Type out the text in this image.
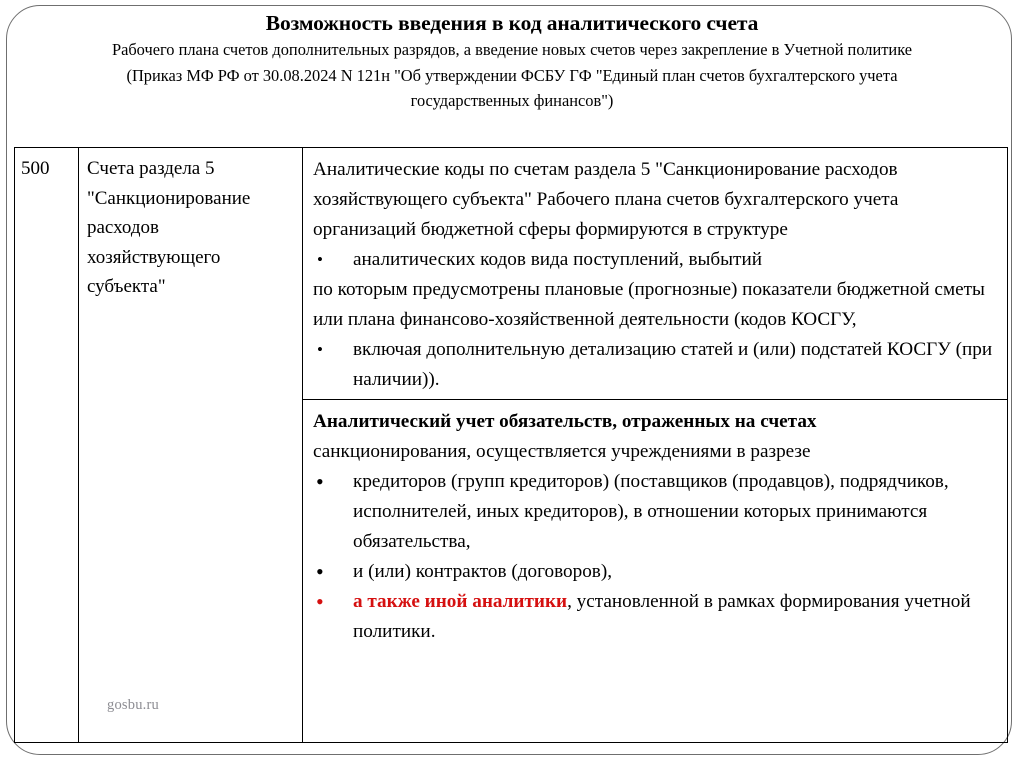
Возможность введения в код аналитического счета
Рабочего плана счетов дополнительных разрядов, а введение новых счетов через закрепление в Учетной политике
(Приказ МФ РФ от 30.08.2024 N 121н "Об утверждении ФСБУ ГФ "Единый план счетов бухгалтерского учета
государственных финансов")
500	Счета раздела 5 "Санкционирование расходов хозяйствующего субъекта"
gosbu.ru
Аналитические коды по счетам раздела 5 "Санкционирование расходов хозяйствующего субъекта" Рабочего плана счетов бухгалтерского учета организаций бюджетной сферы формируются в структуре
• аналитических кодов вида поступлений, выбытий
по которым предусмотрены плановые (прогнозные) показатели бюджетной сметы или плана финансово-хозяйственной деятельности (кодов КОСГУ,
• включая дополнительную детализацию статей и (или) подстатей КОСГУ (при наличии)).
Аналитический учет обязательств, отраженных на счетах
санкционирования, осуществляется учреждениями в разрезе
• кредиторов (групп кредиторов) (поставщиков (продавцов), подрядчиков, исполнителей, иных кредиторов), в отношении которых принимаются обязательства,
• и (или) контрактов (договоров),
• а также иной аналитики, установленной в рамках формирования учетной политики.
